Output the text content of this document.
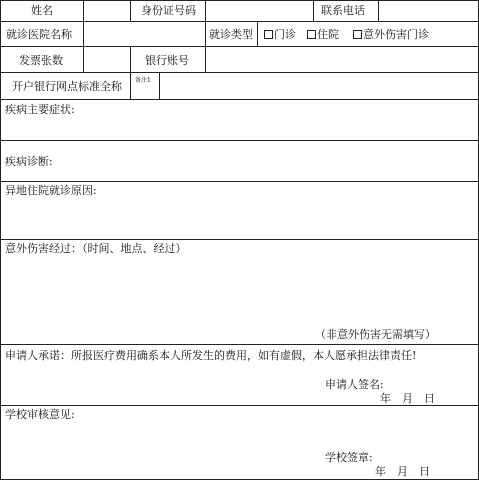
姓名	身份证号码	联系电话
就诊医院名称	就诊类型	门诊	住院	意外伤害门诊
发票张数	银行账号
开户银行网点标准全称 备注1
疾病主要症状:
疾病诊断:
异地住院就诊原因:
意外伤害经过：（时间、地点、经过）
（非意外伤害无需填写）
申请人承诺：所报医疗费用确系本人所发生的费用，如有虚假，本人愿承担法律责任!
申请人签名:
年　月　日
学校审核意见:
学校签章:
年　月　日
